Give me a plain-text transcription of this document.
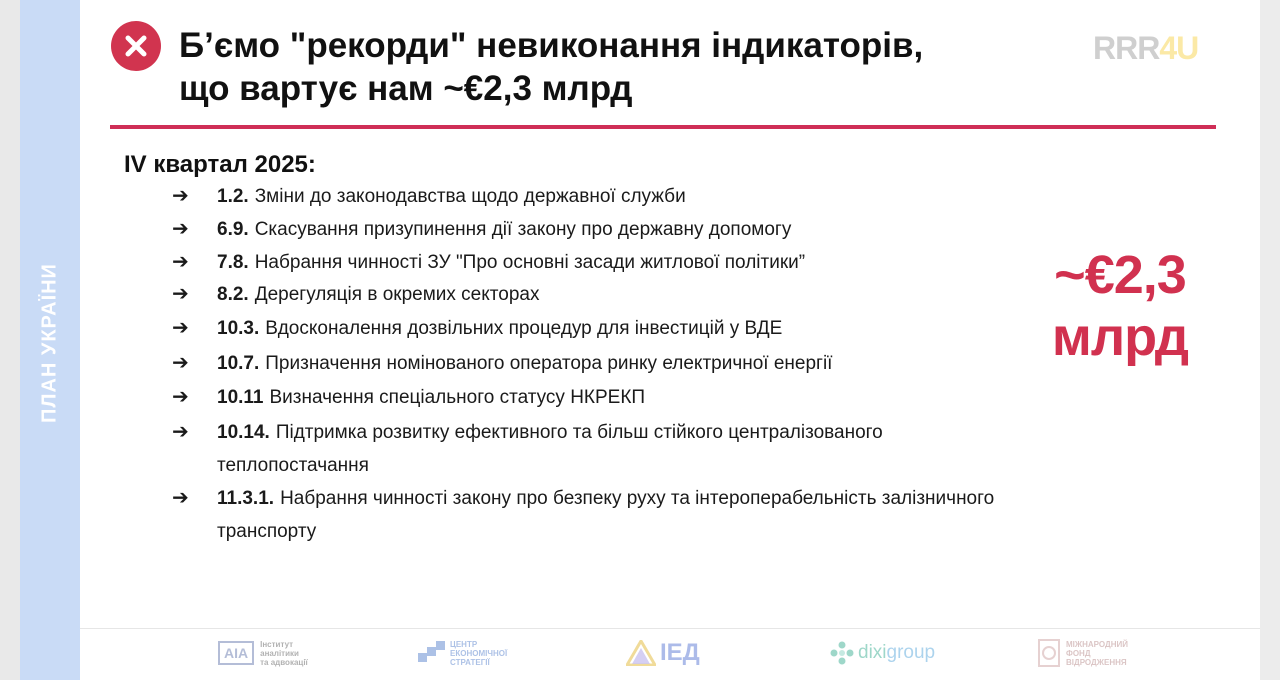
ПЛАН УКРАЇНИ
Б’ємо "рекорди" невиконання індикаторів,
що вартує нам ~€2,3 млрд
RRR4U
IV квартал 2025:
➔ 1.2. Зміни до законодавства щодо державної служби
➔ 6.9. Скасування призупинення дії закону про державну допомогу
➔ 7.8. Набрання чинності ЗУ "Про основні засади житлової політики”
➔ 8.2. Дерегуляція в окремих секторах
➔ 10.3. Вдосконалення дозвільних процедур для інвестицій у ВДЕ
➔ 10.7. Призначення номінованого оператора ринку електричної енергії
➔ 10.11 Визначення спеціального статусу НКРЕКП
➔ 10.14. Підтримка розвитку ефективного та більш стійкого централізованого теплопостачання
➔ 11.3.1. Набрання чинності закону про безпеку руху та інтероперабельність залізничного транспорту
~€2,3
млрд
AIA
Інститут
аналітики
та адвокації
ЦЕНТР
ЕКОНОМІЧНОЇ
СТРАТЕГІЇ	ІЕД	dixigroup	МІЖНАРОДНИЙ
ФОНД
ВІДРОДЖЕННЯ
